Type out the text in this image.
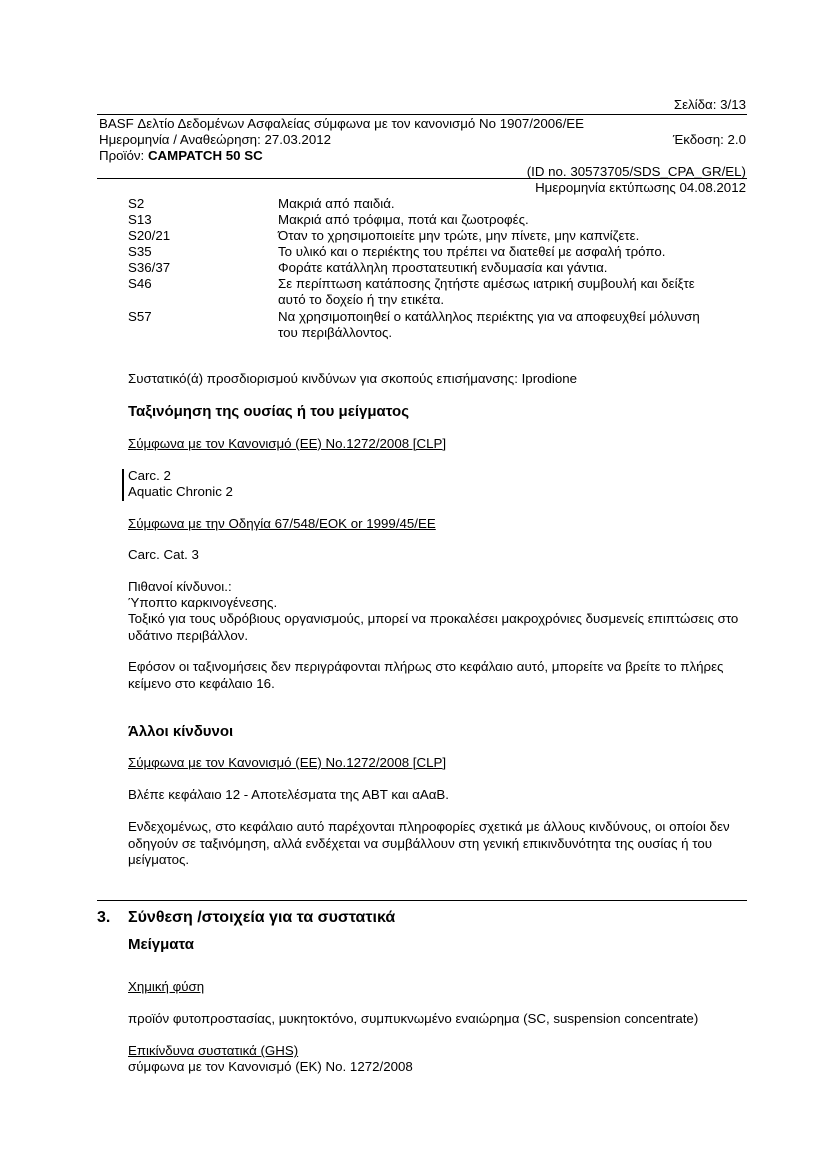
Σελίδα: 3/13
BASF Δελτίο Δεδομένων Ασφαλείας σύμφωνα με τον κανονισμό Νο 1907/2006/ΕΕ
Ημερομηνία / Αναθεώρηση: 27.03.2012	Έκδοση: 2.0
Προϊόν: CAMPATCH 50 SC
(ID no. 30573705/SDS_CPA_GR/EL)
Ημερομηνία εκτύπωσης 04.08.2012
S2	Μακριά από παιδιά.
S13	Μακριά από τρόφιμα, ποτά και ζωοτροφές.
S20/21	Όταν το χρησιμοποιείτε μην τρώτε, μην πίνετε, μην καπνίζετε.
S35	Το υλικό και ο περιέκτης του πρέπει να διατεθεί με ασφαλή τρόπο.
S36/37	Φοράτε κατάλληλη προστατευτική ενδυμασία και γάντια.
S46	Σε περίπτωση κατάποσης ζητήστε αμέσως ιατρική συμβουλή και δείξτε αυτό το δοχείο ή την ετικέτα.
S57	Να χρησιμοποιηθεί ο κατάλληλος περιέκτης για να αποφευχθεί μόλυνση του περιβάλλοντος.
Συστατικό(ά) προσδιορισμού κινδύνων για σκοπούς επισήμανσης: Iprodione
Ταξινόμηση της ουσίας ή του μείγματος
Σύμφωνα με τον Κανονισμό (ΕΕ) Νο.1272/2008 [CLP]
Carc. 2
Aquatic Chronic 2
Σύμφωνα με την Οδηγία 67/548/ΕΟΚ or 1999/45/ΕΕ
Carc. Cat. 3
Πιθανοί κίνδυνοι.:
Ύποπτο καρκινογένεσης.
Τοξικό για τους υδρόβιους οργανισμούς, μπορεί να προκαλέσει μακροχρόνιες δυσμενείς επιπτώσεις στο υδάτινο περιβάλλον.
Εφόσον οι ταξινομήσεις δεν περιγράφονται πλήρως στο κεφάλαιο αυτό, μπορείτε να βρείτε το πλήρες κείμενο στο κεφάλαιο 16.
Άλλοι κίνδυνοι
Σύμφωνα με τον Κανονισμό (ΕΕ) Νο.1272/2008 [CLP]
Βλέπε κεφάλαιο 12 - Αποτελέσματα της ΑΒΤ και αΑαΒ.
Ενδεχομένως, στο κεφάλαιο αυτό παρέχονται πληροφορίες σχετικά με άλλους κινδύνους, οι οποίοι δεν οδηγούν σε ταξινόμηση, αλλά ενδέχεται να συμβάλλουν στη γενική επικινδυνότητα της ουσίας ή του μείγματος.
3. Σύνθεση /στοιχεία για τα συστατικά
Μείγματα
Χημική φύση
προϊόν φυτοπροστασίας, μυκητοκτόνο, συμπυκνωμένο εναιώρημα (SC, suspension concentrate)
Επικίνδυνα συστατικά (GHS)
σύμφωνα με τον Κανονισμό (ΕΚ) Νο. 1272/2008
